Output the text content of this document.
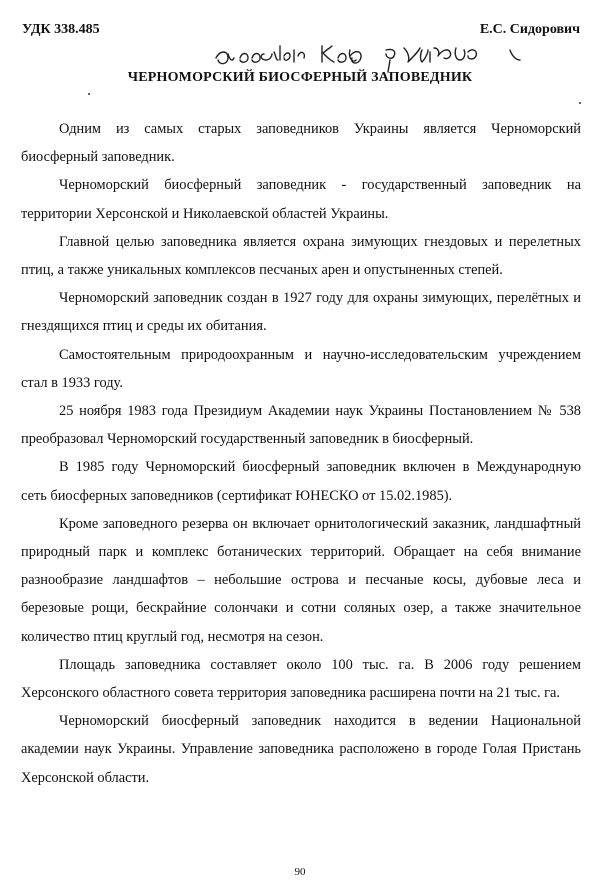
УДК 338.485	Е.С. Сидорович
ЧЕРНОМОРСКИЙ БИОСФЕРНЫЙ ЗАПОВЕДНИК

Одним из самых старых заповедников Украины является Черноморский биосферный заповедник.

Черноморский биосферный заповедник - государственный заповедник на территории Херсонской и Николаевской областей Украины.

Главной целью заповедника является охрана зимующих гнездовых и перелетных птиц, а также уникальных комплексов песчаных арен и опустыненных степей.

Черноморский заповедник создан в 1927 году для охраны зимующих, перелётных и гнездящихся птиц и среды их обитания.

Самостоятельным природоохранным и научно-исследовательским учреждением стал в 1933 году.

25 ноября 1983 года Президиум Академии наук Украины Постановлением № 538 преобразовал Черноморский государственный заповедник в биосферный.

В 1985 году Черноморский биосферный заповедник включен в Международную сеть биосферных заповедников (сертификат ЮНЕСКО от 15.02.1985).

Кроме заповедного резерва он включает орнитологический заказник, ландшафтный природный парк и комплекс ботанических территорий. Обращает на себя внимание разнообразие ландшафтов – небольшие острова и песчаные косы, дубовые леса и березовые рощи, бескрайние солончаки и сотни соляных озер, а также значительное количество птиц круглый год, несмотря на сезон.

Площадь заповедника составляет около 100 тыс. га. В 2006 году решением Херсонского областного совета территория заповедника расширена почти на 21 тыс. га.

Черноморский биосферный заповедник находится в ведении Национальной академии наук Украины. Управление заповедника расположено в городе Голая Пристань Херсонской области.

90
